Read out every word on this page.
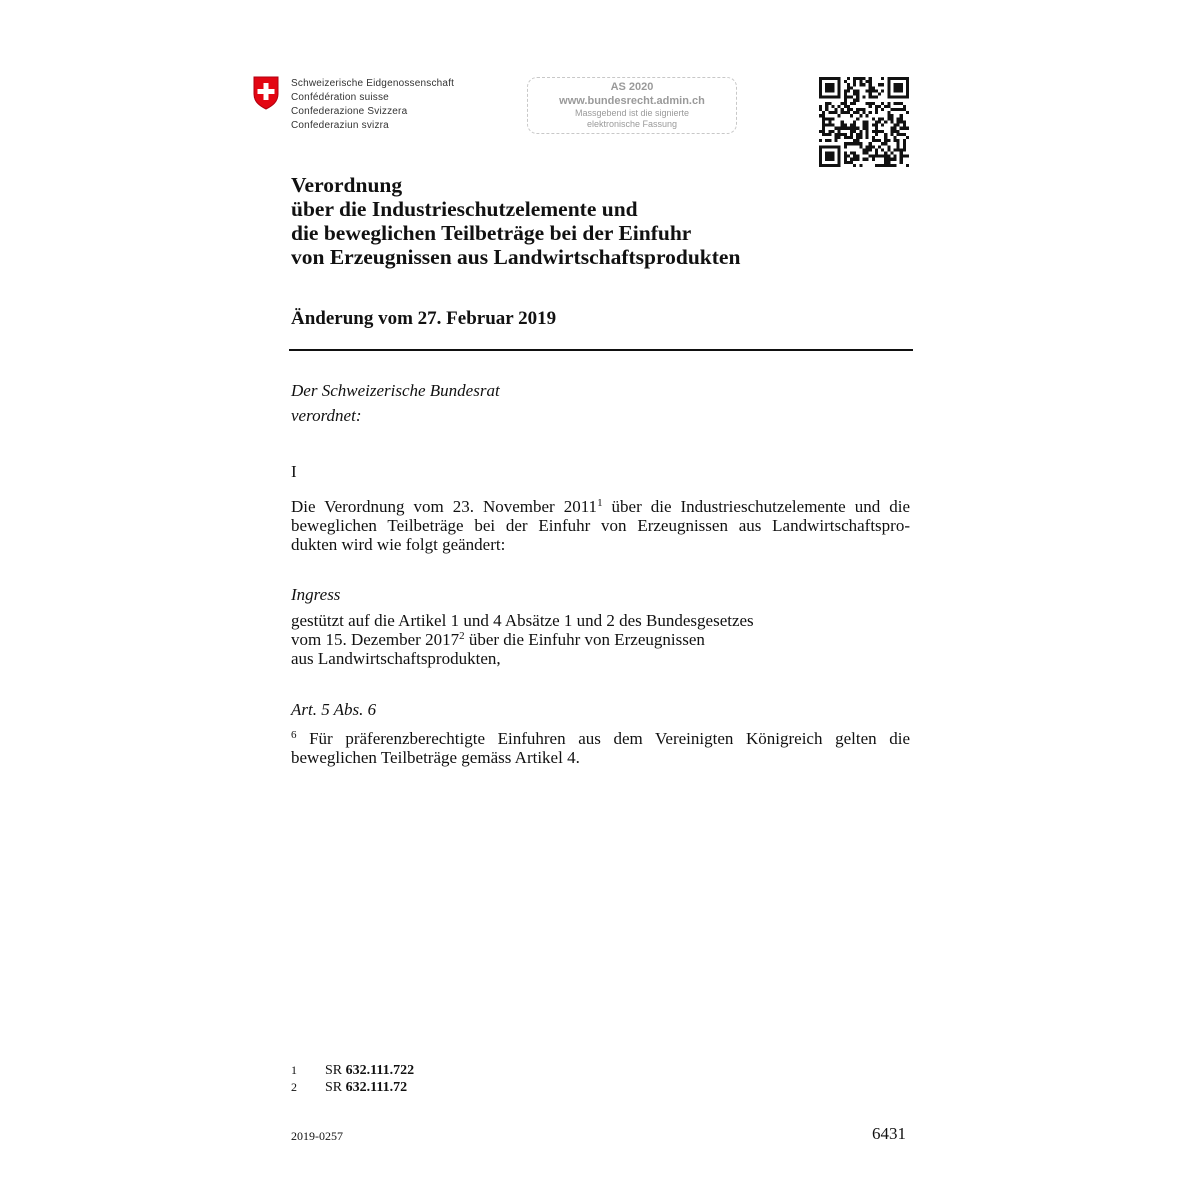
Schweizerische Eidgenossenschaft
Confédération suisse
Confederazione Svizzera
Confederaziun svizra
AS 2020
www.bundesrecht.admin.ch
Massgebend ist die signierte
elektronische Fassung
Verordnung
über die Industrieschutzelemente und
die beweglichen Teilbeträge bei der Einfuhr
von Erzeugnissen aus Landwirtschaftsprodukten
Änderung vom 27. Februar 2019
Der Schweizerische Bundesrat
verordnet:
I
Die Verordnung vom 23. November 2011$^1$ über die Industrieschutzelemente und die
beweglichen Teilbeträge bei der Einfuhr von Erzeugnissen aus Landwirtschaftspro-
dukten wird wie folgt geändert:
Ingress
gestützt auf die Artikel 1 und 4 Absätze 1 und 2 des Bundesgesetzes
vom 15. Dezember 2017$^2$ über die Einfuhr von Erzeugnissen
aus Landwirtschaftsprodukten,
Art. 5 Abs. 6
$^6$ Für präferenzberechtigte Einfuhren aus dem Vereinigten Königreich gelten die
beweglichen Teilbeträge gemäss Artikel 4.
1	SR 632.111.722
2	SR 632.111.72
2019-0257	6431
